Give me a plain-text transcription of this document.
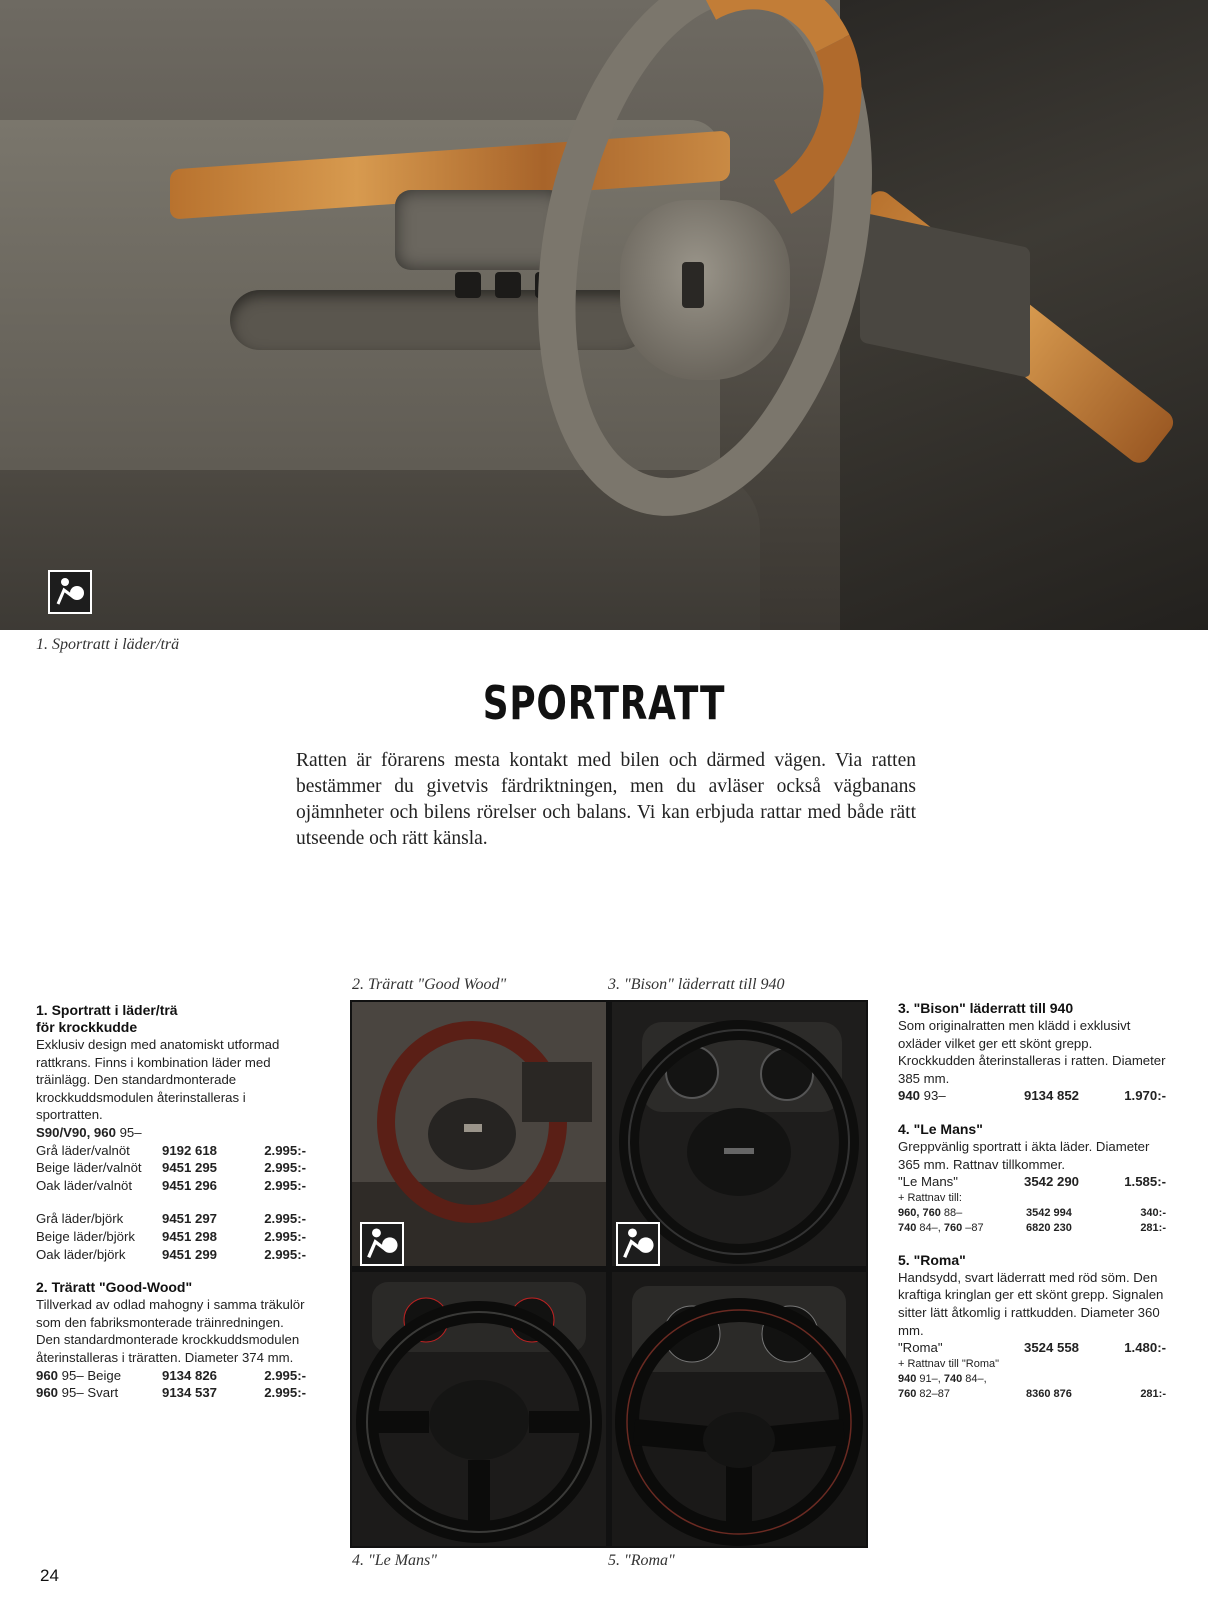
1. Sportratt i läder/trä
SPORTRATT

Ratten är förarens mesta kontakt med bilen och därmed vägen. Via ratten bestämmer du givetvis färdriktningen, men du avläser också vägbanans ojämnheter och bilens rörelser och balans. Vi kan erbjuda rattar med både rätt utseende och rätt känsla.

1. Sportratt i läder/trä
för krockkudde

Exklusiv design med anatomiskt utformad rattkrans. Finns i kombination läder med träinlägg. Den standardmonterade krockkuddsmodulen återinstalleras i sportratten.

S90/V90, 960 95–

Grå läder/valnöt	9192 618	2.995:-
Beige läder/valnöt	9451 295	2.995:-
Oak läder/valnöt	9451 296	2.995:-
Grå läder/björk	9451 297	2.995:-
Beige läder/björk	9451 298	2.995:-
Oak läder/björk	9451 299	2.995:-
2. Träratt "Good-Wood"

Tillverkad av odlad mahogny i samma träkulör som den fabriksmonterade träinredningen. Den standardmonterade krockkuddsmodulen återinstalleras i träratten. Diameter 374 mm.

960 95– Beige	9134 826	2.995:-
960 95– Svart	9134 537	2.995:-
2. Träratt "Good Wood"	3. "Bison" läderratt till 940
4. "Le Mans"	5. "Roma"
3. "Bison" läderratt till 940

Som originalratten men klädd i exklusivt oxläder vilket ger ett skönt grepp. Krockkudden återinstalleras i ratten. Diameter 385 mm.

940 93–	9134 852	1.970:-
4. "Le Mans"

Greppvänlig sportratt i äkta läder. Diameter 365 mm. Rattnav tillkommer.

"Le Mans"	3542 290	1.585:-

+ Rattnav till:

960, 760 88–	3542 994	340:-
740 84–, 760 –87	6820 230	281:-
5. "Roma"

Handsydd, svart läderratt med röd söm. Den kraftiga kringlan ger ett skönt grepp. Signalen sitter lätt åtkomlig i rattkudden. Diameter 360 mm.

"Roma"	3524 558	1.480:-

+ Rattnav till "Roma"

940 91–, 740 84–,

760 82–87	8360 876	281:-
24
